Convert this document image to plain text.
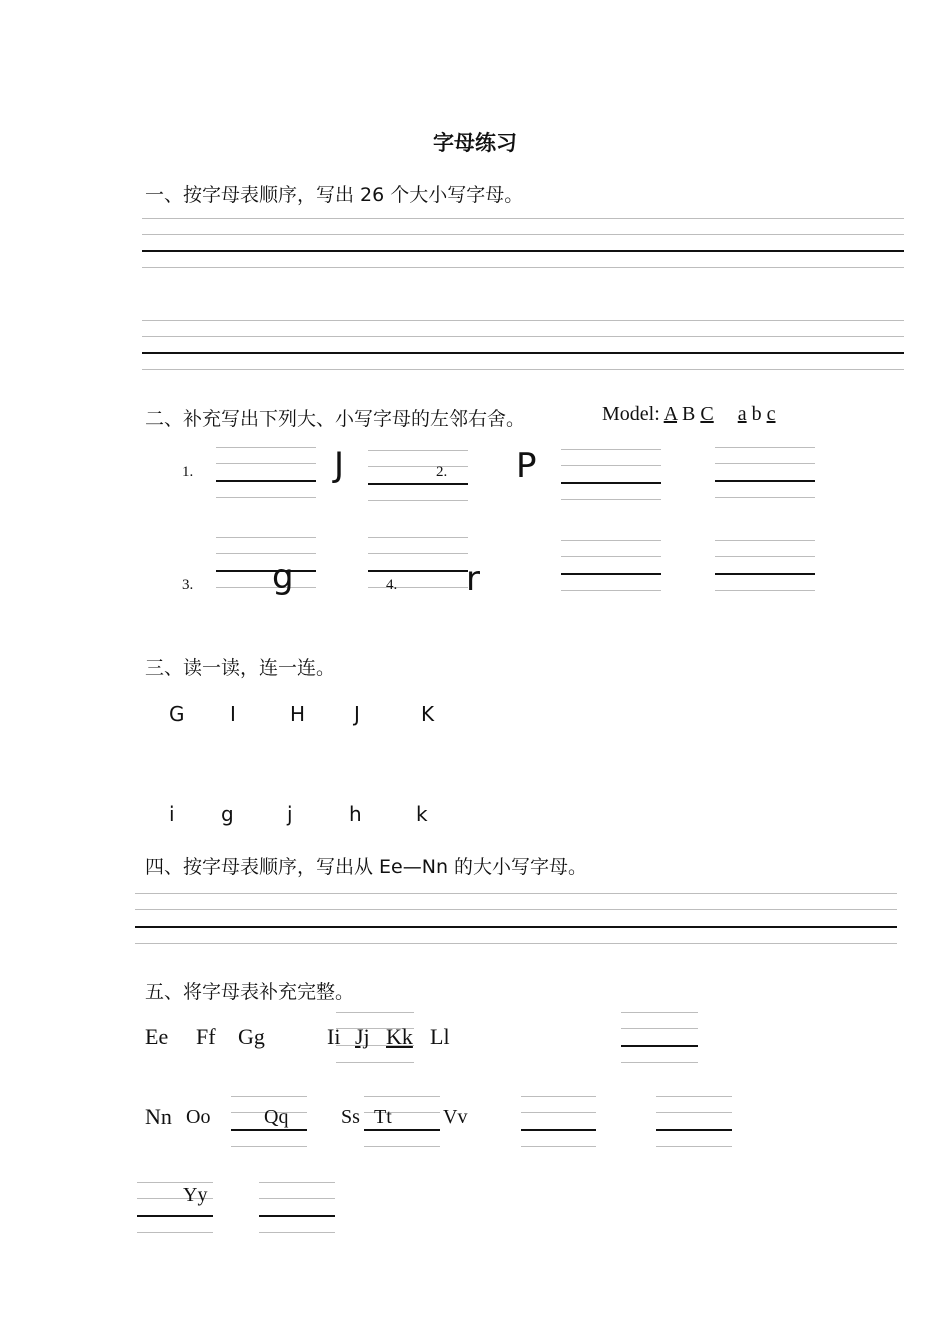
字母练习
一、按字母表顺序，写出 26 个大小写字母。
二、补充写出下列大、小写字母的左邻右舍。	Model: A B C a b c
1.	J	2. P
3. g	4. r
三、读一读，连一连。
G I	H J	K
i g	j	h	k
四、按字母表顺序，写出从 Ee—Nn 的大小写字母。
五、将字母表补充完整。
Ee Ff Gg	Ii Jj Kk Ll
Nn Oo	Qq	Ss Tt	Vv
Yy
